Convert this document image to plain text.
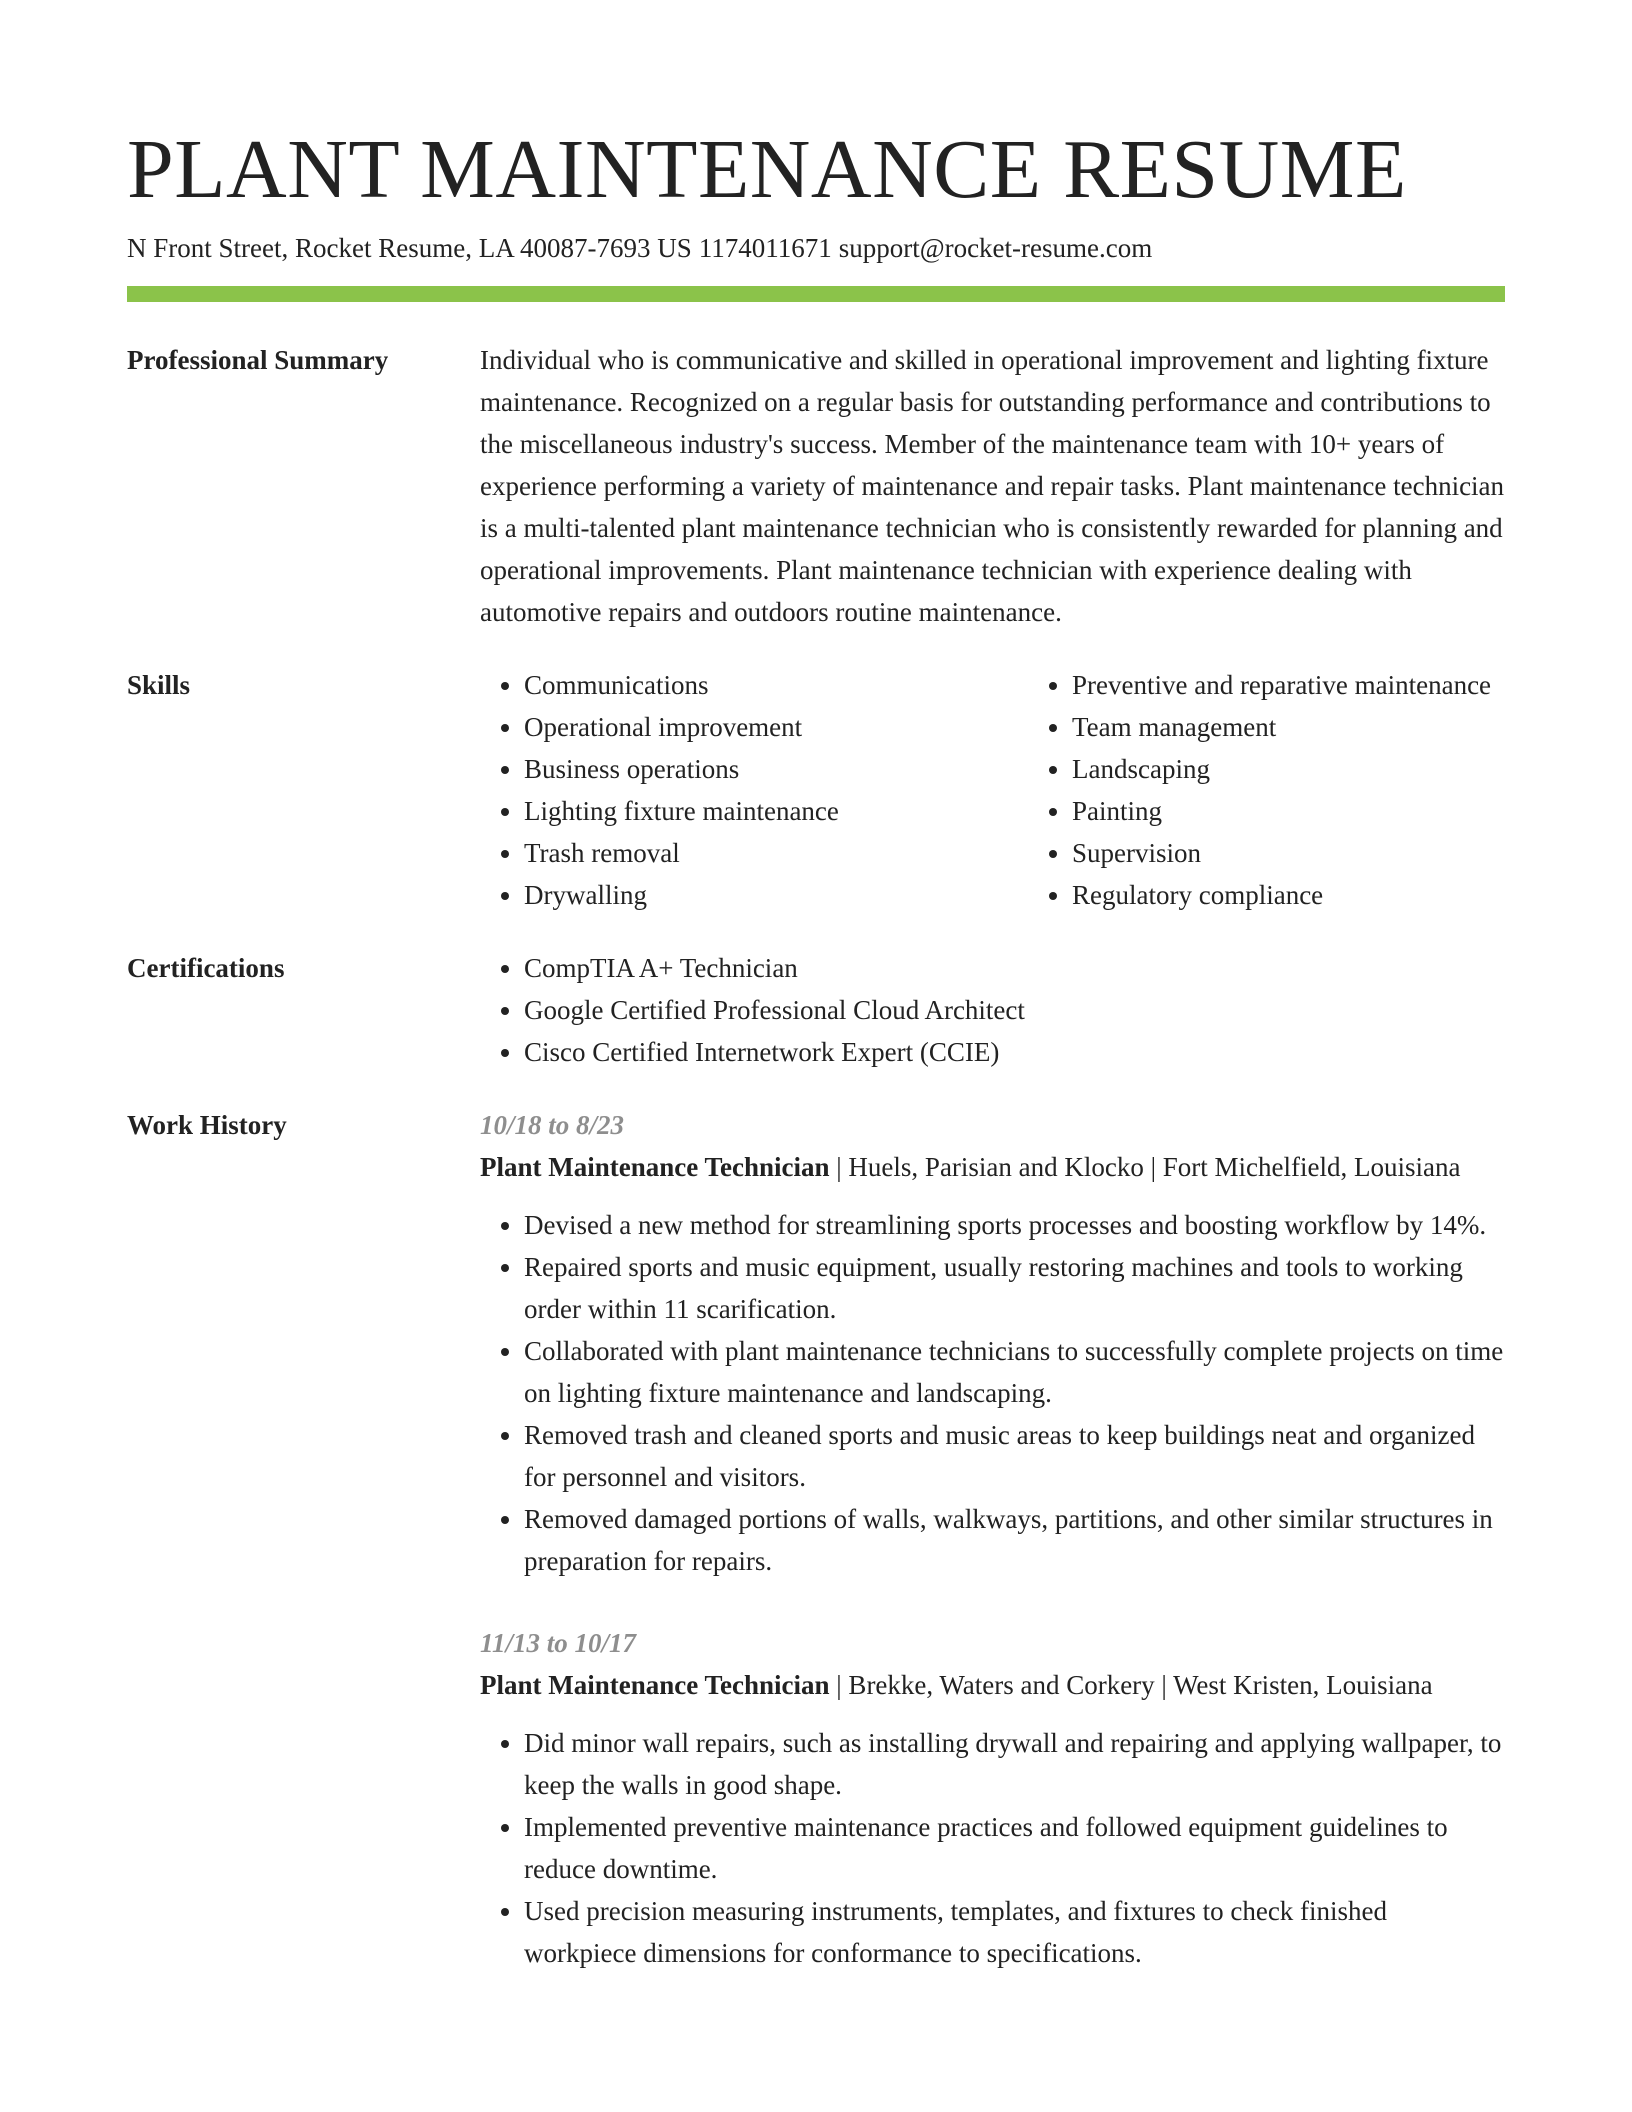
PLANT MAINTENANCE RESUME
N Front Street, Rocket Resume, LA 40087-7693 US 1174011671 support@rocket-resume.com
Professional Summary	Individual who is communicative and skilled in operational improvement and lighting fixture maintenance. Recognized on a regular basis for outstanding performance and contributions to the miscellaneous industry's success. Member of the maintenance team with 10+ years of experience performing a variety of maintenance and repair tasks. Plant maintenance technician is a multi-talented plant maintenance technician who is consistently rewarded for planning and operational improvements. Plant maintenance technician with experience dealing with automotive repairs and outdoors routine maintenance.

Skills	• Communications
• Operational improvement
• Business operations
• Lighting fixture maintenance
• Trash removal
• Drywalling
• Preventive and reparative maintenance
• Team management
• Landscaping
• Painting
• Supervision
• Regulatory compliance
Certifications	• CompTIA A+ Technician
• Google Certified Professional Cloud Architect
• Cisco Certified Internetwork Expert (CCIE)
Work History	10/18 to 8/23

Plant Maintenance Technician | Huels, Parisian and Klocko | Fort Michelfield, Louisiana

• Devised a new method for streamlining sports processes and boosting workflow by 14%.
• Repaired sports and music equipment, usually restoring machines and tools to working order within 11 scarification.
• Collaborated with plant maintenance technicians to successfully complete projects on time on lighting fixture maintenance and landscaping.
• Removed trash and cleaned sports and music areas to keep buildings neat and organized for personnel and visitors.
• Removed damaged portions of walls, walkways, partitions, and other similar structures in preparation for repairs.
11/13 to 10/17

Plant Maintenance Technician | Brekke, Waters and Corkery | West Kristen, Louisiana

• Did minor wall repairs, such as installing drywall and repairing and applying wallpaper, to keep the walls in good shape.
• Implemented preventive maintenance practices and followed equipment guidelines to reduce downtime.
• Used precision measuring instruments, templates, and fixtures to check finished workpiece dimensions for conformance to specifications.
